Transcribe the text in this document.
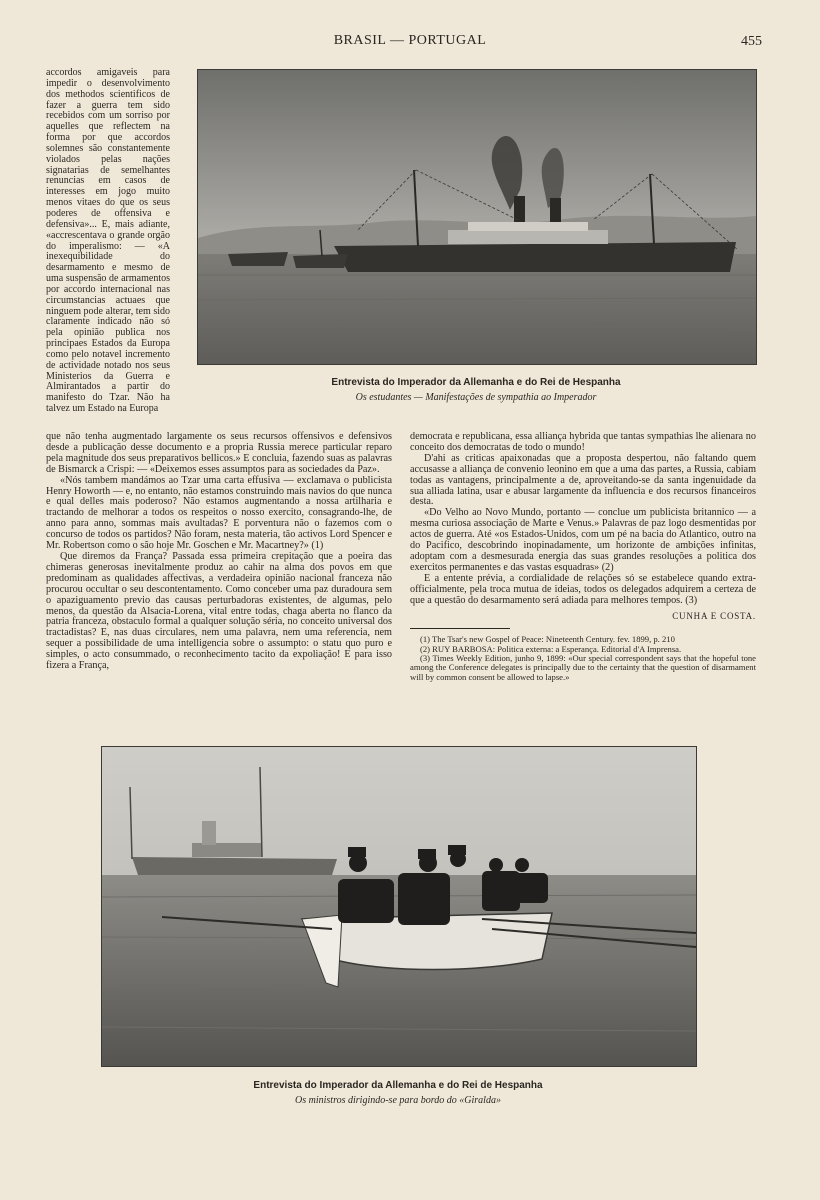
BRASIL — PORTUGAL	455
Entrevista do Imperador da Allemanha e do Rei de Hespanha
Os estudantes — Manifestações de sympathia ao Imperador

accordos amigaveis para impedir o desenvolvimento dos methodos scientificos de fazer a guerra tem sido recebidos com um sorriso por aquelles que reflectem na forma por que accordos solemnes são constantemente violados pelas nações signatarias de semelhantes renuncias em casos de interesses em jogo muito menos vitaes do que os seus poderes de offensiva e defensiva»... E, mais adiante, «accrescentava o grande orgão do imperalismo: — «A inexequibilidade do desarmamento e mesmo de uma suspensão de armamentos por accordo internacional nas circumstancias actuaes que ninguem pode alterar, tem sido claramente indicado não só pela opinião publica nos principaes Estados da Europa como pelo notavel incremento de actividade notado nos seus Ministerios da Guerra e Almirantados a partir do manifesto do Tzar. Não ha talvez um Estado na Europa

que não tenha augmentado largamente os seus recursos offensivos e defensivos desde a publicação desse documento e a propria Russia merece particular reparo pela magnitude dos seus preparativos bellicos.» E concluia, fazendo suas as palavras de Bismarck a Crispi: — «Deixemos esses assumptos para as sociedades da Paz».

«Nós tambem mandámos ao Tzar uma carta effusiva — exclamava o publicista Henry Howorth — e, no entanto, não estamos construindo mais navios do que nunca e qual delles mais poderoso? Não estamos augmentando a nossa artilharia e tractando de melhorar a todos os respeitos o nosso exercito, consagrando-lhe, de anno para anno, sommas mais avultadas? E porventura não o fazemos com o concurso de todos os partidos? Não foram, nesta materia, tão activos Lord Spencer e Mr. Robertson como o são hoje Mr. Goschen e Mr. Macartney?» (1)

Que diremos da França? Passada essa primeira crepitação que a poeira das chimeras generosas inevitalmente produz ao cahir na alma dos povos em que predominam as qualidades affectivas, a verdadeira opinião nacional franceza não procurou occultar o seu descontentamento. Como conceber uma paz duradoura sem o apaziguamento previo das causas perturbadoras existentes, de algumas, pelo menos, da questão da Alsacia-Lorena, vital entre todas, chaga aberta no flanco da patria franceza, obstaculo formal a qualquer solução séria, no conceito universal dos tractadistas? E, nas duas circulares, nem uma palavra, nem uma referencia, nem sequer a possibilidade de uma intelligencia sobre o assumpto: o statu quo puro e simples, o acto consummado, o reconhecimento tacito da expoliação! E para isso fizera a França,

democrata e republicana, essa alliança hybrida que tantas sympathias lhe alienara no conceito dos democratas de todo o mundo!

D'ahi as criticas apaixonadas que a proposta despertou, não faltando quem accusasse a alliança de convenio leonino em que a uma das partes, a Russia, cabiam todas as vantagens, principalmente a de, aproveitando-se da santa ingenuidade da sua alliada latina, usar e abusar largamente da influencia e dos recursos financeiros desta.

«Do Velho ao Novo Mundo, portanto — conclue um publicista britannico — a mesma curiosa associação de Marte e Venus.» Palavras de paz logo desmentidas por actos de guerra. Até «os Estados-Unidos, com um pé na bacia do Atlantico, outro na do Pacifico, descobrindo inopinadamente, um horizonte de ambições infinitas, adoptam com a desmesurada energia das suas grandes resoluções a politica dos exercitos permanentes e das vastas esquadras» (2)

E a entente prévia, a cordialidade de relações só se estabelece quando extra-officialmente, pela troca mutua de ideias, todos os delegados adquirem a certeza de que a questão do desarmamento será adiada para melhores tempos. (3)

CUNHA E COSTA.

(1) The Tsar's new Gospel of Peace: Nineteenth Century. fev. 1899, p. 210

(2) RUY BARBOSA: Politica externa: a Esperança. Editorial d'A Imprensa.

(3) Times Weekly Edition, junho 9, 1899: «Our special correspondent says that the hopeful tone among the Conference delegates is principally due to the certainty that the question of disarmament will by common consent be allowed to lapse.»

Entrevista do Imperador da Allemanha e do Rei de Hespanha
Os ministros dirigindo-se para bordo do «Giralda»
